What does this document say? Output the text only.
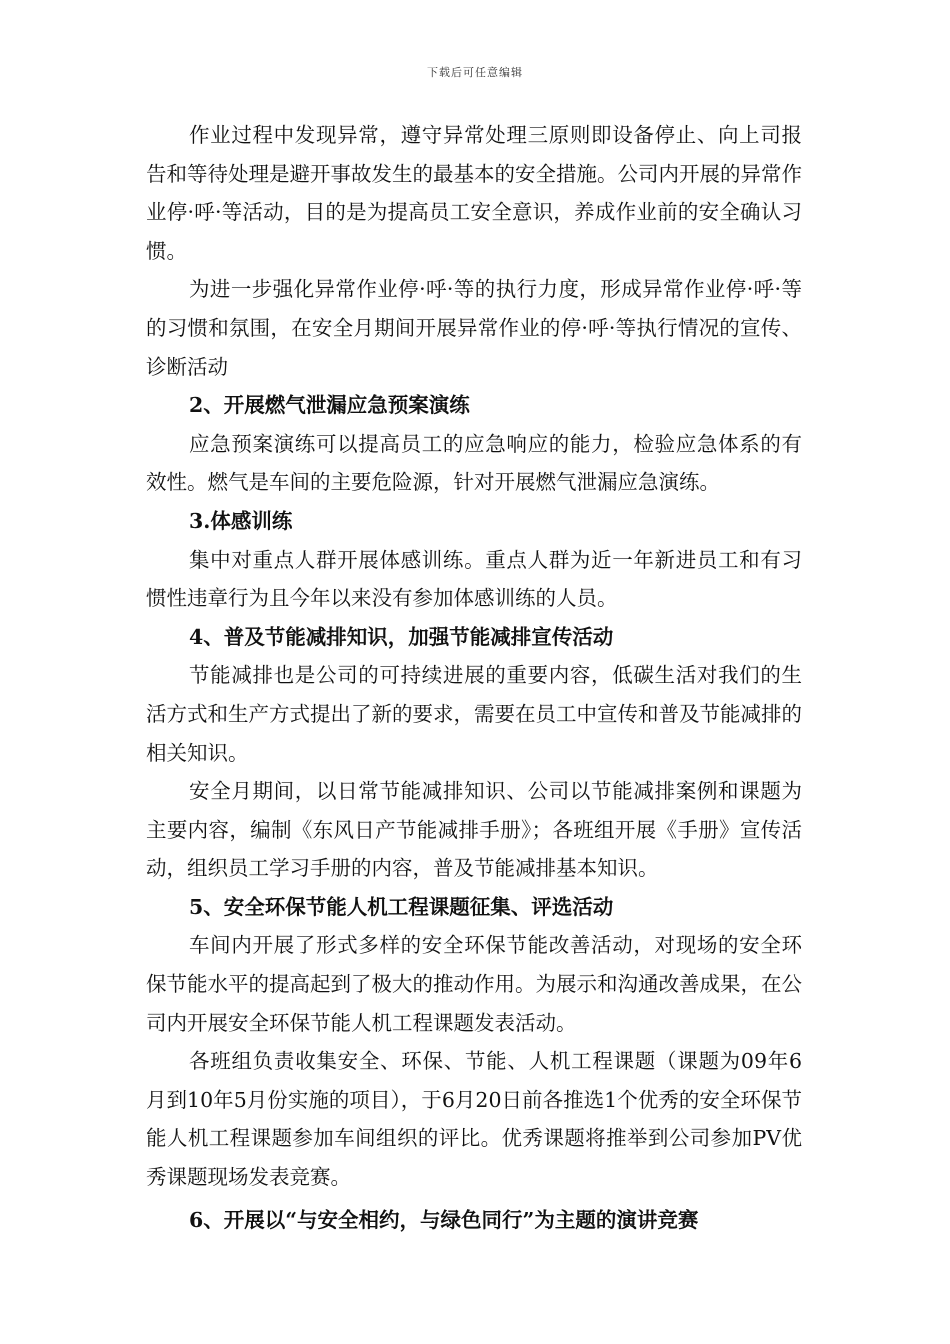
下载后可任意编辑

作业过程中发现异常，遵守异常处理三原则即设备停止、向上司报告和等待处理是避开事故发生的最基本的安全措施。公司内开展的异常作业停·呼·等活动，目的是为提高员工安全意识，养成作业前的安全确认习惯。

为进一步强化异常作业停·呼·等的执行力度，形成异常作业停·呼·等的习惯和氛围，在安全月期间开展异常作业的停·呼·等执行情况的宣传、诊断活动

2、开展燃气泄漏应急预案演练

应急预案演练可以提高员工的应急响应的能力，检验应急体系的有效性。燃气是车间的主要危险源，针对开展燃气泄漏应急演练。

3.体感训练

集中对重点人群开展体感训练。重点人群为近一年新进员工和有习惯性违章行为且今年以来没有参加体感训练的人员。

4、普及节能减排知识，加强节能减排宣传活动

节能减排也是公司的可持续进展的重要内容，低碳生活对我们的生活方式和生产方式提出了新的要求，需要在员工中宣传和普及节能减排的相关知识。

安全月期间，以日常节能减排知识、公司以节能减排案例和课题为主要内容，编制《东风日产节能减排手册》；各班组开展《手册》宣传活动，组织员工学习手册的内容，普及节能减排基本知识。

5、安全环保节能人机工程课题征集、评选活动

车间内开展了形式多样的安全环保节能改善活动，对现场的安全环保节能水平的提高起到了极大的推动作用。为展示和沟通改善成果，在公司内开展安全环保节能人机工程课题发表活动。

各班组负责收集安全、环保、节能、人机工程课题（课题为09年6月到10年5月份实施的项目），于6月20日前各推选1个优秀的安全环保节能人机工程课题参加车间组织的评比。优秀课题将推举到公司参加PV优秀课题现场发表竞赛。

6、开展以“与安全相约，与绿色同行”为主题的演讲竞赛
